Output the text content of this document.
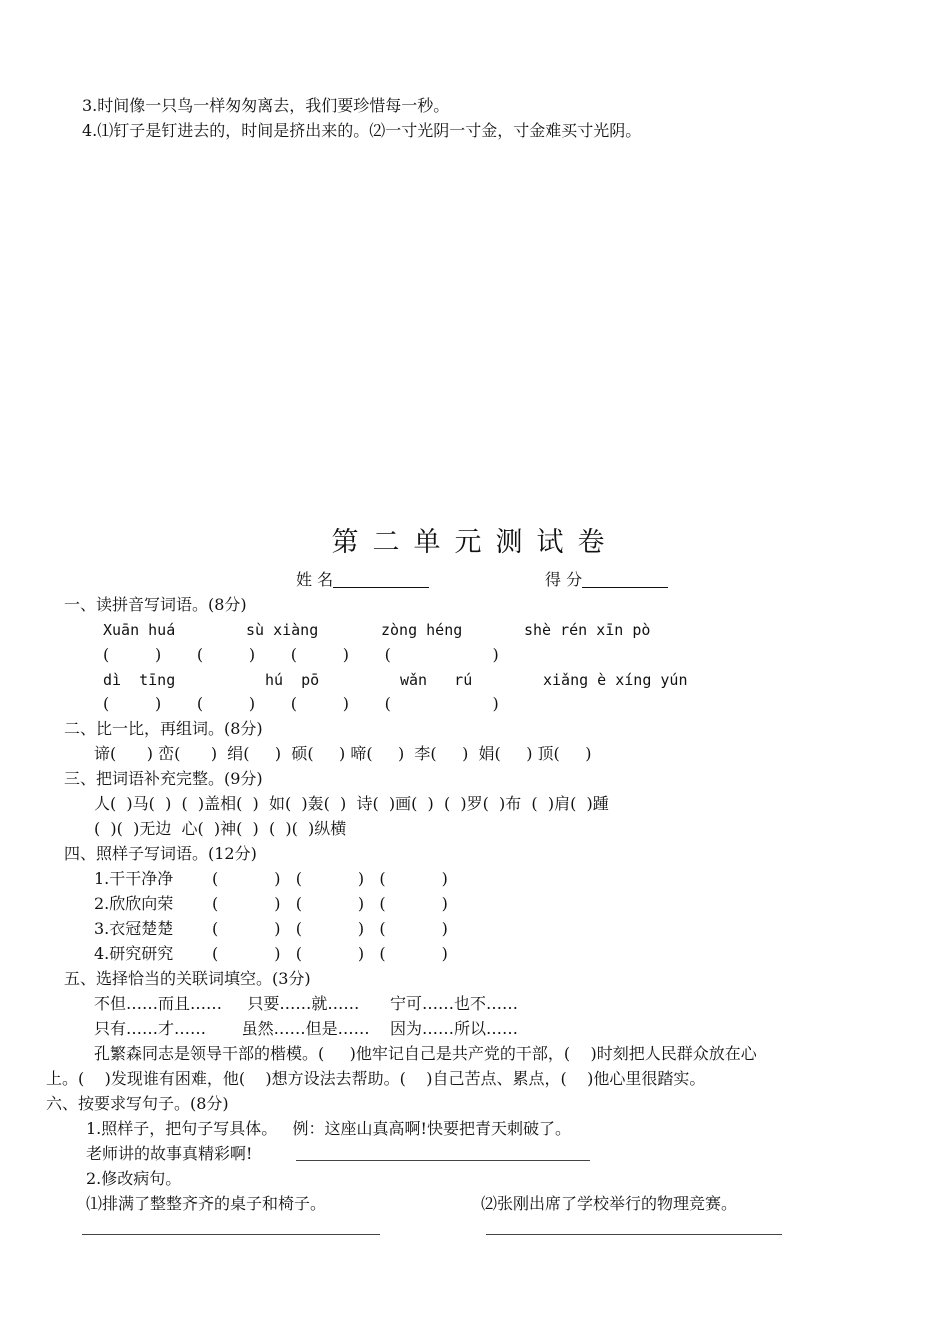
3.时间像一只鸟一样匆匆离去，我们要珍惜每一秒。
4.⑴钉子是钉进去的，时间是挤出来的。⑵一寸光阴一寸金，寸金难买寸光阴。
第二单元测试卷
姓 名	得 分
一、读拼音写词语。(8分)
Xuān huá	sù xiàng	zòng héng	shè rén xīn pò
(         )       (         )       (         )       (                    )
dì  tīng	hú  pō	wǎn   rú	xiǎng è xíng yún
(         )       (         )       (         )       (                    )
二、比一比，再组词。(8分)
谛(      ) 峦(      )  绢(     )  硕(     ) 啼(     )  李(     )  娟(     ) 顶(     )
三、把词语补充完整。(9分)
人(  )马(  )  (  )盖相(  )  如(  )轰(  )  诗(  )画(  )  (  )罗(  )布  (  )肩(  )踵
(  )(  )无边  心(  )神(  )  (  )(  )纵横
四、照样子写词语。(12分)
1.干干净净 (           )   (           )   (           )
2.欣欣向荣 (           )   (           )   (           )
3.衣冠楚楚 (           )   (           )   (           )
4.研究研究 (           )   (           )   (           )
五、选择恰当的关联词填空。(3分)
不但……而且……     只要……就……      宁可……也不……
只有……才……       虽然……但是……    因为……所以……
孔繁森同志是领导干部的楷模。(     )他牢记自己是共产党的干部，(    )时刻把人民群众放在心
上。(    )发现谁有困难，他(    )想方设法去帮助。(    )自己苦点、累点，(    )他心里很踏实。
六、按要求写句子。(8分)
1.照样子，把句子写具体。   例：这座山真高啊!快要把青天刺破了。
老师讲的故事真精彩啊!
2.修改病句。
⑴排满了整整齐齐的桌子和椅子。	⑵张刚出席了学校举行的物理竞赛。
